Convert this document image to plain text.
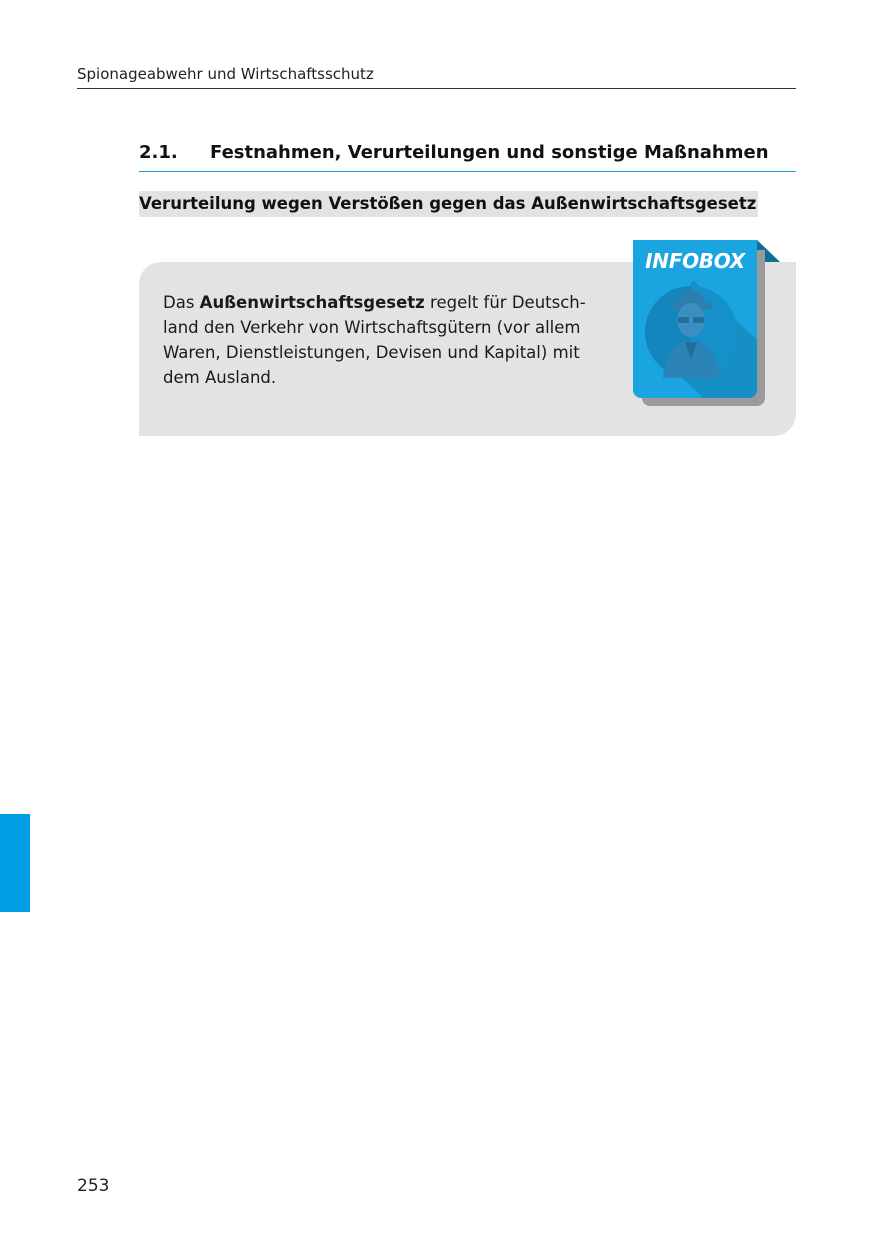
Spionageabwehr und Wirtschaftsschutz
2.1. Festnahmen, Verurteilungen und sonstige Maßnahmen
Verurteilung wegen Verstößen gegen das Außenwirtschaftsgesetz
Das Außenwirtschaftsgesetz regelt für Deutsch-land den Verkehr von Wirtschaftsgütern (vor allem Waren, Dienstleistungen, Devisen und Kapital) mit dem Ausland.
INFOBOX
253
